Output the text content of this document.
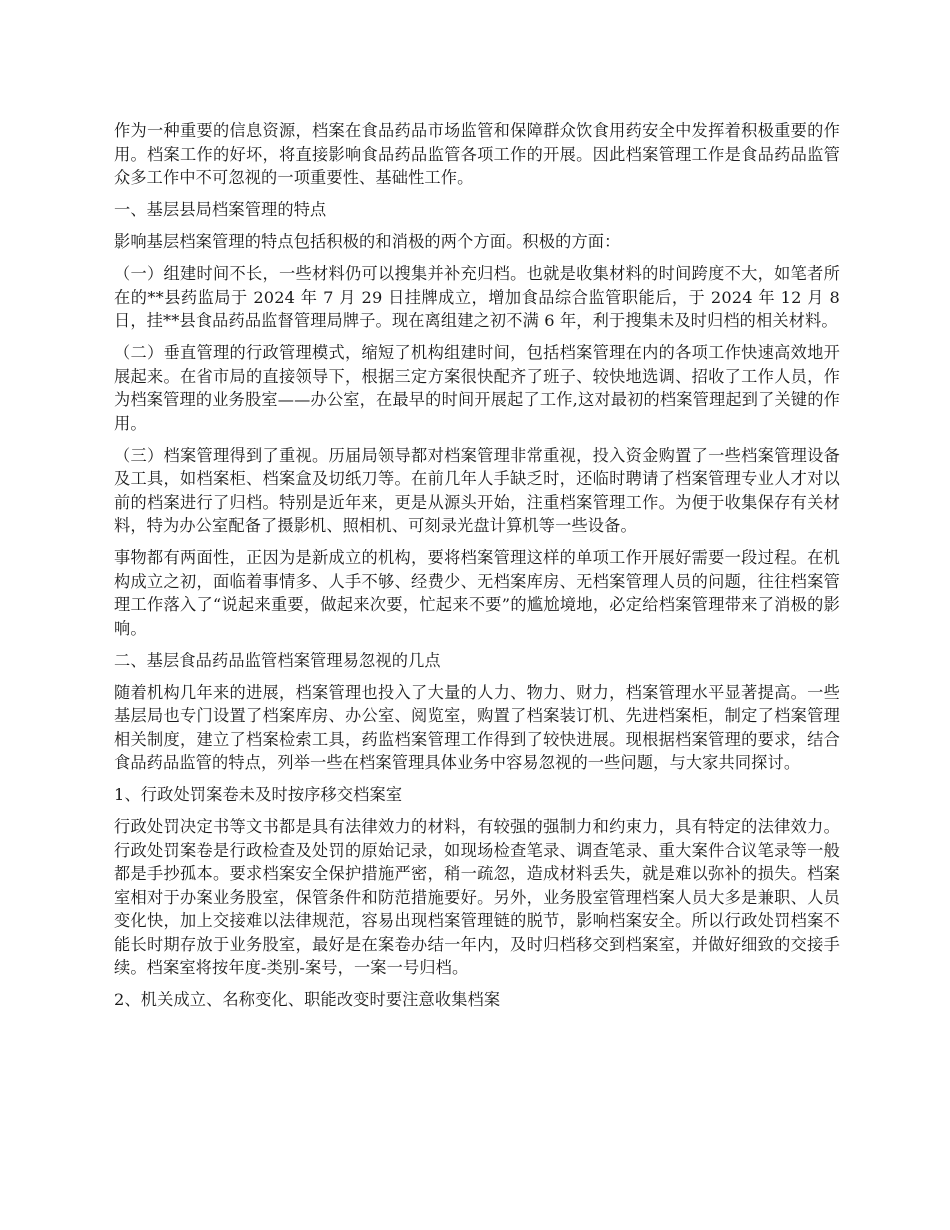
作为一种重要的信息资源，档案在食品药品市场监管和保障群众饮食用药安全中发挥着积极重要的作用。档案工作的好坏，将直接影响食品药品监管各项工作的开展。因此档案管理工作是食品药品监管众多工作中不可忽视的一项重要性、基础性工作。

一、基层县局档案管理的特点

影响基层档案管理的特点包括积极的和消极的两个方面。积极的方面：

（一）组建时间不长，一些材料仍可以搜集并补充归档。也就是收集材料的时间跨度不大，如笔者所在的**县药监局于 2024 年 7 月 29 日挂牌成立，增加食品综合监管职能后，于 2024 年 12 月 8 日，挂**县食品药品监督管理局牌子。现在离组建之初不满 6 年，利于搜集未及时归档的相关材料。

（二）垂直管理的行政管理模式，缩短了机构组建时间，包括档案管理在内的各项工作快速高效地开展起来。在省市局的直接领导下，根据三定方案很快配齐了班子、较快地选调、招收了工作人员，作为档案管理的业务股室——办公室，在最早的时间开展起了工作,这对最初的档案管理起到了关键的作用。

（三）档案管理得到了重视。历届局领导都对档案管理非常重视，投入资金购置了一些档案管理设备及工具，如档案柜、档案盒及切纸刀等。在前几年人手缺乏时，还临时聘请了档案管理专业人才对以前的档案进行了归档。特别是近年来，更是从源头开始，注重档案管理工作。为便于收集保存有关材料，特为办公室配备了摄影机、照相机、可刻录光盘计算机等一些设备。

事物都有两面性，正因为是新成立的机构，要将档案管理这样的单项工作开展好需要一段过程。在机构成立之初，面临着事情多、人手不够、经费少、无档案库房、无档案管理人员的问题，往往档案管理工作落入了“说起来重要，做起来次要，忙起来不要”的尴尬境地，必定给档案管理带来了消极的影响。

二、基层食品药品监管档案管理易忽视的几点

随着机构几年来的进展，档案管理也投入了大量的人力、物力、财力，档案管理水平显著提高。一些基层局也专门设置了档案库房、办公室、阅览室，购置了档案装订机、先进档案柜，制定了档案管理相关制度，建立了档案检索工具，药监档案管理工作得到了较快进展。现根据档案管理的要求，结合食品药品监管的特点，列举一些在档案管理具体业务中容易忽视的一些问题，与大家共同探讨。

1、行政处罚案卷未及时按序移交档案室

行政处罚决定书等文书都是具有法律效力的材料，有较强的强制力和约束力，具有特定的法律效力。行政处罚案卷是行政检查及处罚的原始记录，如现场检查笔录、调查笔录、重大案件合议笔录等一般都是手抄孤本。要求档案安全保护措施严密，稍一疏忽，造成材料丢失，就是难以弥补的损失。档案室相对于办案业务股室，保管条件和防范措施要好。另外，业务股室管理档案人员大多是兼职、人员变化快，加上交接难以法律规范，容易出现档案管理链的脱节，影响档案安全。所以行政处罚档案不能长时期存放于业务股室，最好是在案卷办结一年内，及时归档移交到档案室，并做好细致的交接手续。档案室将按年度-类别-案号，一案一号归档。

2、机关成立、名称变化、职能改变时要注意收集档案
